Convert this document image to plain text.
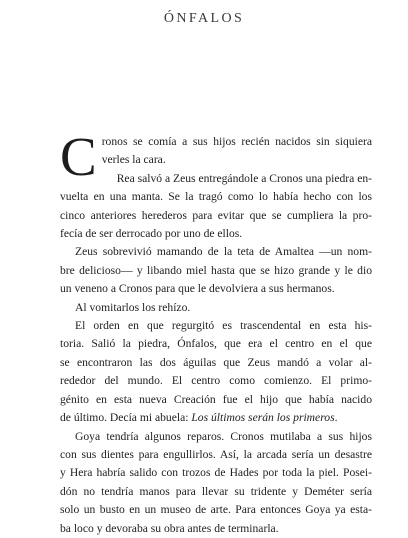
ÓNFALOS

C ronos se comía a sus hijos recién nacidos sin siquiera
verles la cara.

Rea salvó a Zeus entregándole a Cronos una piedra en-
vuelta en una manta. Se la tragó como lo había hecho con los
cinco anteriores herederos para evitar que se cumpliera la pro-
fecía de ser derrocado por uno de ellos.

Zeus sobrevivió mamando de la teta de Amaltea —un nom-
bre delicioso— y libando miel hasta que se hizo grande y le dio
un veneno a Cronos para que le devolviera a sus hermanos.

Al vomitarlos los rehízo.

El orden en que regurgitó es trascendental en esta his-
toria. Salió la piedra, Ónfalos, que era el centro en el que
se encontraron las dos águilas que Zeus mandó a volar al-
rededor del mundo. El centro como comienzo. El primo-
génito en esta nueva Creación fue el hijo que había nacido
de último. Decía mi abuela: Los últimos serán los primeros.

Goya tendría algunos reparos. Cronos mutilaba a sus hijos
con sus dientes para engullirlos. Así, la arcada sería un desastre
y Hera habría salido con trozos de Hades por toda la piel. Posei-
dón no tendría manos para llevar su tridente y Deméter sería
solo un busto en un museo de arte. Para entonces Goya ya esta-
ba loco y devoraba su obra antes de terminarla.
